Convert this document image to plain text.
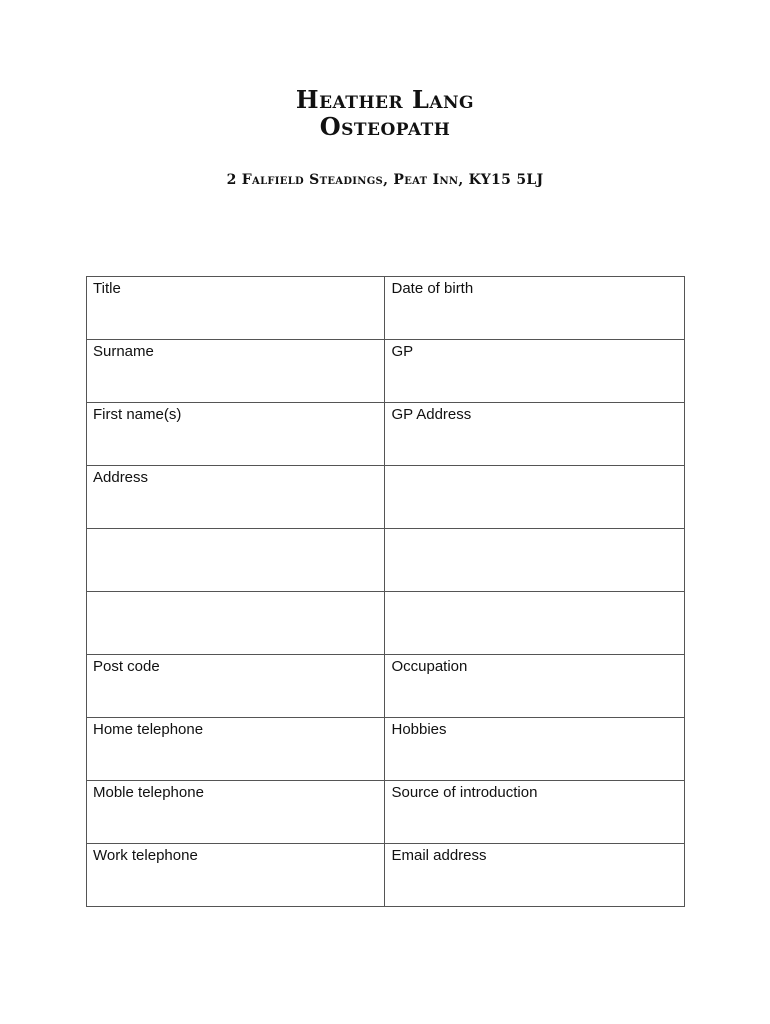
Heather Lang

Osteopath

2 Falfield Steadings, Peat Inn, KY15 5LJ
Title	Date of birth

Surname	GP

First name(s)	GP Address

Address	

Post code	Occupation

Home telephone	Hobbies

Moble telephone	Source of introduction

Work telephone	Email address
